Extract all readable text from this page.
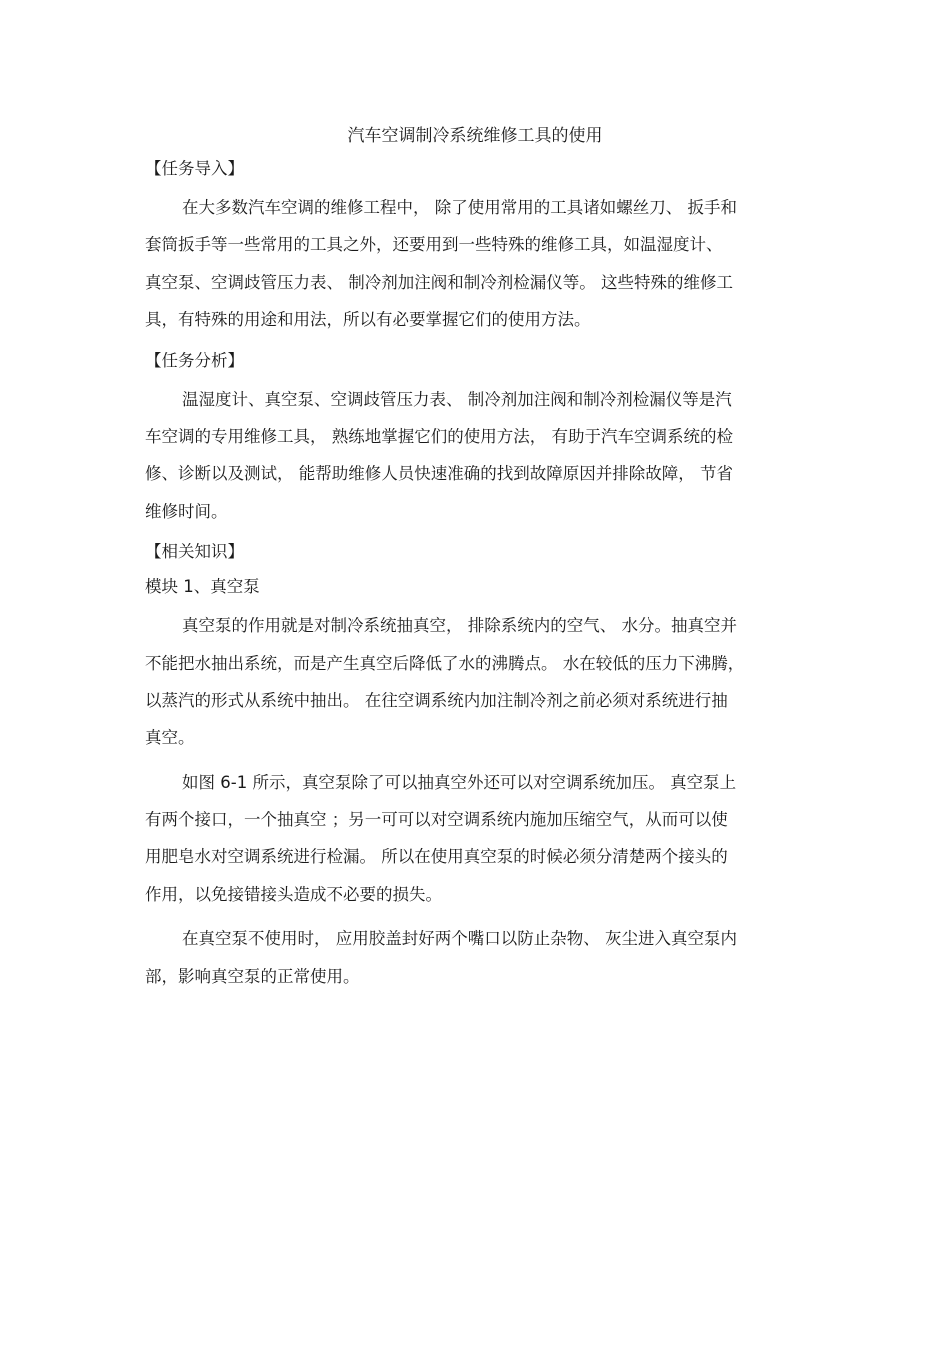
汽车空调制冷系统维修工具的使用
【任务导入】
在大多数汽车空调的维修工程中， 除了使用常用的工具诸如螺丝刀、 扳手和
套筒扳手等一些常用的工具之外，还要用到一些特殊的维修工具，如温湿度计、
真空泵、空调歧管压力表、 制冷剂加注阀和制冷剂检漏仪等。 这些特殊的维修工
具，有特殊的用途和用法，所以有必要掌握它们的使用方法。
【任务分析】
温湿度计、真空泵、空调歧管压力表、 制冷剂加注阀和制冷剂检漏仪等是汽
车空调的专用维修工具， 熟练地掌握它们的使用方法， 有助于汽车空调系统的检
修、诊断以及测试， 能帮助维修人员快速准确的找到故障原因并排除故障， 节省
维修时间。
【相关知识】
模块 1、真空泵
真空泵的作用就是对制冷系统抽真空， 排除系统内的空气、 水分。抽真空并
不能把水抽出系统，而是产生真空后降低了水的沸腾点。 水在较低的压力下沸腾，
以蒸汽的形式从系统中抽出。 在往空调系统内加注制冷剂之前必须对系统进行抽
真空。
如图 6-1 所示，真空泵除了可以抽真空外还可以对空调系统加压。 真空泵上
有两个接口，一个抽真空 ；另一可可以对空调系统内施加压缩空气，从而可以使
用肥皂水对空调系统进行检漏。 所以在使用真空泵的时候必须分清楚两个接头的
作用，以免接错接头造成不必要的损失。
在真空泵不使用时， 应用胶盖封好两个嘴口以防止杂物、 灰尘进入真空泵内
部，影响真空泵的正常使用。
